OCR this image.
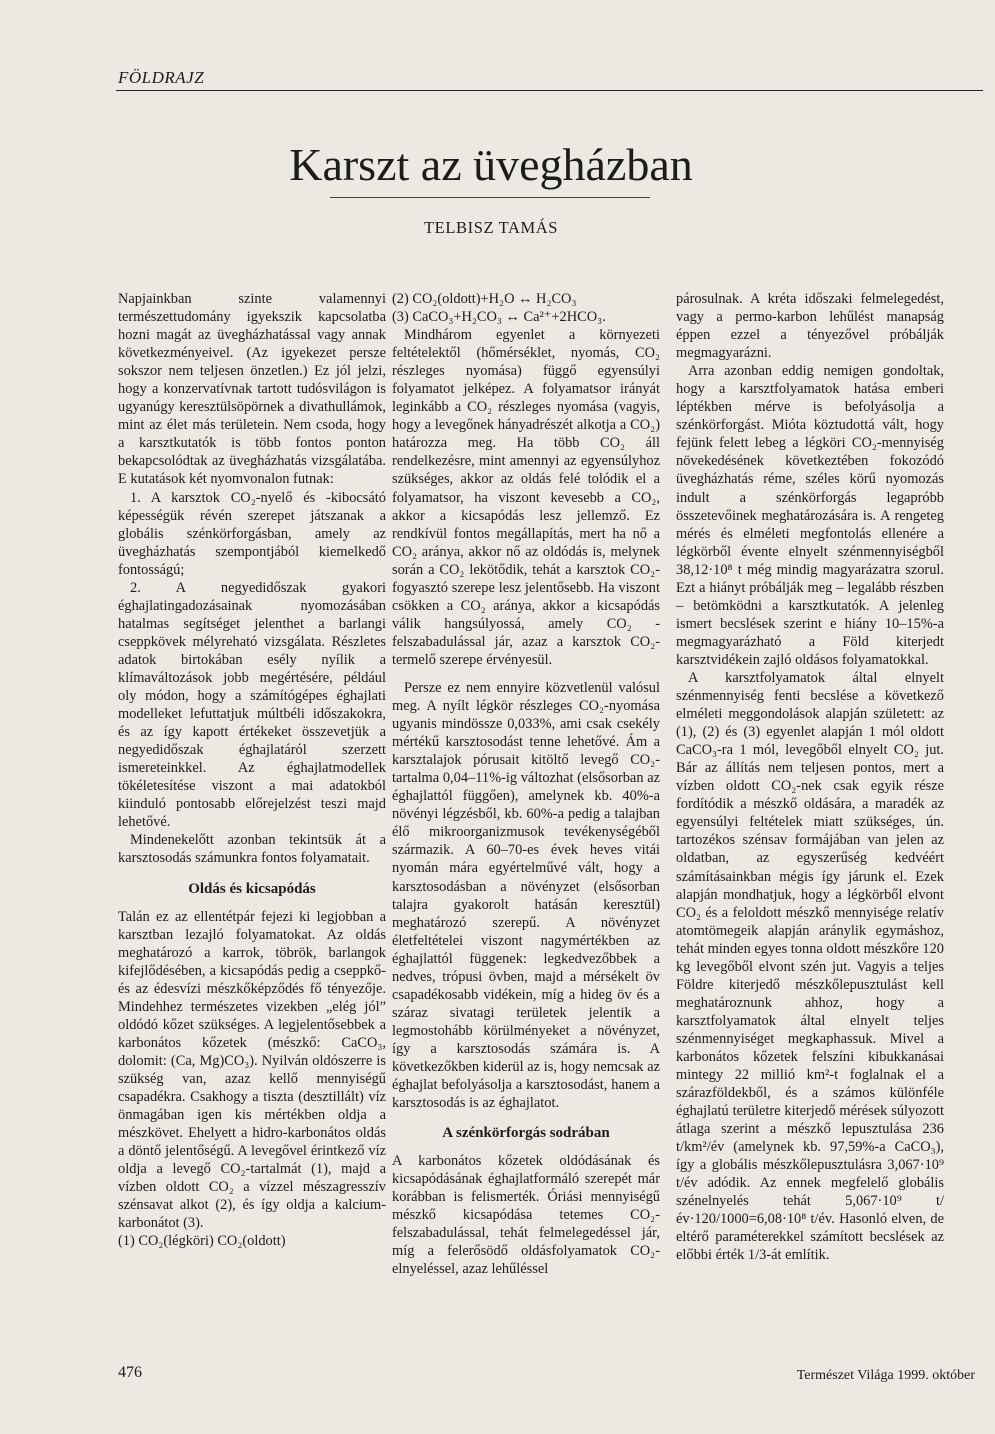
FÖLDRAJZ
Karszt az üvegházban
TELBISZ TAMÁS

Napjainkban szinte valamennyi természettudomány igyekszik kapcsolatba hozni magát az üvegházhatással vagy annak következményeivel. (Az igyekezet persze sokszor nem teljesen önzetlen.) Ez jól jelzi, hogy a konzervatívnak tartott tudósvilágon is ugyanúgy keresztülsöpörnek a divathullámok, mint az élet más területein. Nem csoda, hogy a karsztkutatók is több fontos ponton bekapcsolódtak az üvegházhatás vizsgálatába. E kutatások két nyomvonalon futnak:

1. A karsztok CO₂-nyelő és -kibocsátó képességük révén szerepet játszanak a globális szénkörforgásban, amely az üvegházhatás szempontjából kiemelkedő fontosságú;

2. A negyedidőszak gyakori éghajlatingadozásainak nyomozásában hatalmas segítséget jelenthet a barlangi cseppkövek mélyreható vizsgálata. Részletes adatok birtokában esély nyílik a klímaváltozások jobb megértésére, például oly módon, hogy a számítógépes éghajlati modelleket lefuttatjuk múltbéli időszakokra, és az így kapott értékeket összevetjük a negyedidőszak éghajlatáról szerzett ismereteinkkel. Az éghajlatmodellek tökéletesítése viszont a mai adatokból kiinduló pontosabb előrejelzést teszi majd lehetővé.

Mindenekelőtt azonban tekintsük át a karsztosodás számunkra fontos folyamatait.

Oldás és kicsapódás

Talán ez az ellentétpár fejezi ki legjobban a karsztban lezajló folyamatokat. Az oldás meghatározó a karrok, töbrök, barlangok kifejlődésében, a kicsapódás pedig a cseppkő- és az édesvízi mészkőképződés fő tényezője. Mindehhez természetes vizekben „elég jól” oldódó kőzet szükséges. A legjelentősebbek a karbonátos kőzetek (mészkő: CaCO₃, dolomit: (Ca, Mg)CO₃). Nyilván oldószerre is szükség van, azaz kellő mennyiségű csapadékra. Csakhogy a tiszta (desztillált) víz önmagában igen kis mértékben oldja a mészkövet. Ehelyett a hidro-karbonátos oldás a döntő jelentőségű. A levegővel érintkező víz oldja a levegő CO₂-tartalmát (1), majd a vízben oldott CO₂ a vízzel mészagresszív szénsavat alkot (2), és így oldja a kalcium-karbonátot (3).

(1) CO₂(légköri) CO₂(oldott)

(2) CO₂(oldott)+H₂O ↔ H₂CO₃

(3) CaCO₃+H₂CO₃ ↔ Ca²⁺+2HCO₃.

Mindhárom egyenlet a környezeti feltételektől (hőmérséklet, nyomás, CO₂ részleges nyomása) függő egyensúlyi folyamatot jelképez. A folyamatsor irányát leginkább a CO₂ részleges nyomása (vagyis, hogy a levegőnek hányadrészét alkotja a CO₂) határozza meg. Ha több CO₂ áll rendelkezésre, mint amennyi az egyensúlyhoz szükséges, akkor az oldás felé tolódik el a folyamatsor, ha viszont kevesebb a CO₂, akkor a kicsapódás lesz jellemző. Ez rendkívül fontos megállapítás, mert ha nő a CO₂ aránya, akkor nő az oldódás is, melynek során a CO₂ lekötődik, tehát a karsztok CO₂-fogyasztó szerepe lesz jelentősebb. Ha viszont csökken a CO₂ aránya, akkor a kicsapódás válik hangsúlyossá, amely CO₂ -felszabadulással jár, azaz a karsztok CO₂-termelő szerepe érvényesül.

Persze ez nem ennyire közvetlenül valósul meg. A nyílt légkör részleges CO₂-nyomása ugyanis mindössze 0,033%, ami csak csekély mértékű karsztosodást tenne lehetővé. Ám a karsztalajok pórusait kitöltő levegő CO₂-tartalma 0,04–11%-ig változhat (elsősorban az éghajlattól függően), amelynek kb. 40%-a növényi légzésből, kb. 60%-a pedig a talajban élő mikroorganizmusok tevékenységéből származik. A 60–70-es évek heves vitái nyomán mára egyértelművé vált, hogy a karsztosodásban a növényzet (elsősorban talajra gyakorolt hatásán keresztül) meghatározó szerepű. A növényzet életfeltételei viszont nagymértékben az éghajlattól függenek: legkedvezőbbek a nedves, trópusi övben, majd a mérsékelt öv csapadékosabb vidékein, míg a hideg öv és a száraz sivatagi területek jelentik a legmostohább körülményeket a növényzet, így a karsztosodás számára is. A következőkben kiderül az is, hogy nemcsak az éghajlat befolyásolja a karsztosodást, hanem a karsztosodás is az éghajlatot.

A szénkörforgás sodrában

A karbonátos kőzetek oldódásának és kicsapódásának éghajlatformáló szerepét már korábban is felismerték. Óriási mennyiségű mészkő kicsapódása tetemes CO₂-felszabadulással, tehát felmelegedéssel jár, míg a felerősödő oldásfolyamatok CO₂-elnyeléssel, azaz lehűléssel

párosulnak. A kréta időszaki felmelegedést, vagy a permo-karbon lehűlést manapság éppen ezzel a tényezővel próbálják megmagyarázni.

Arra azonban eddig nemigen gondoltak, hogy a karsztfolyamatok hatása emberi léptékben mérve is befolyásolja a szénkörforgást. Mióta köztudottá vált, hogy fejünk felett lebeg a légköri CO₂-mennyiség növekedésének következtében fokozódó üvegházhatás réme, széles körű nyomozás indult a szénkörforgás legapróbb összetevőinek meghatározására is. A rengeteg mérés és elméleti megfontolás ellenére a légkörből évente elnyelt szénmennyiségből 38,12·10⁸ t még mindig magyarázatra szorul. Ezt a hiányt próbálják meg – legalább részben – betömködni a karsztkutatók. A jelenleg ismert becslések szerint e hiány 10–15%-a megmagyarázható a Föld kiterjedt karsztvidékein zajló oldásos folyamatokkal.

A karsztfolyamatok által elnyelt szénmennyiség fenti becslése a következő elméleti meggondolások alapján született: az (1), (2) és (3) egyenlet alapján 1 mól oldott CaCO₃-ra 1 mól, levegőből elnyelt CO₂ jut. Bár az állítás nem teljesen pontos, mert a vízben oldott CO₂-nek csak egyik része fordítódik a mészkő oldására, a maradék az egyensúlyi feltételek miatt szükséges, ún. tartozékos szénsav formájában van jelen az oldatban, az egyszerűség kedvéért számításainkban mégis így járunk el. Ezek alapján mondhatjuk, hogy a légkörből elvont CO₂ és a feloldott mészkő mennyisége relatív atomtömegeik alapján aránylik egymáshoz, tehát minden egyes tonna oldott mészkőre 120 kg levegőből elvont szén jut. Vagyis a teljes Földre kiterjedő mészkőlepusztulást kell meghatároznunk ahhoz, hogy a karsztfolyamatok által elnyelt teljes szénmennyiséget megkaphassuk. Mivel a karbonátos kőzetek felszíni kibukkanásai mintegy 22 millió km²-t foglalnak el a szárazföldekből, és a számos különféle éghajlatú területre kiterjedő mérések súlyozott átlaga szerint a mészkő lepusztulása 236 t/km²/év (amelynek kb. 97,59%-a CaCO₃), így a globális mészkőlepusztulásra 3,067·10⁹ t/év adódik. Az ennek megfelelő globális szénelnyelés tehát 5,067·10⁹ t/év·120/1000=6,08·10⁸ t/év. Hasonló elven, de eltérő paraméterekkel számított becslések az előbbi érték 1/3-át említik.

476	Természet Világa 1999. október
